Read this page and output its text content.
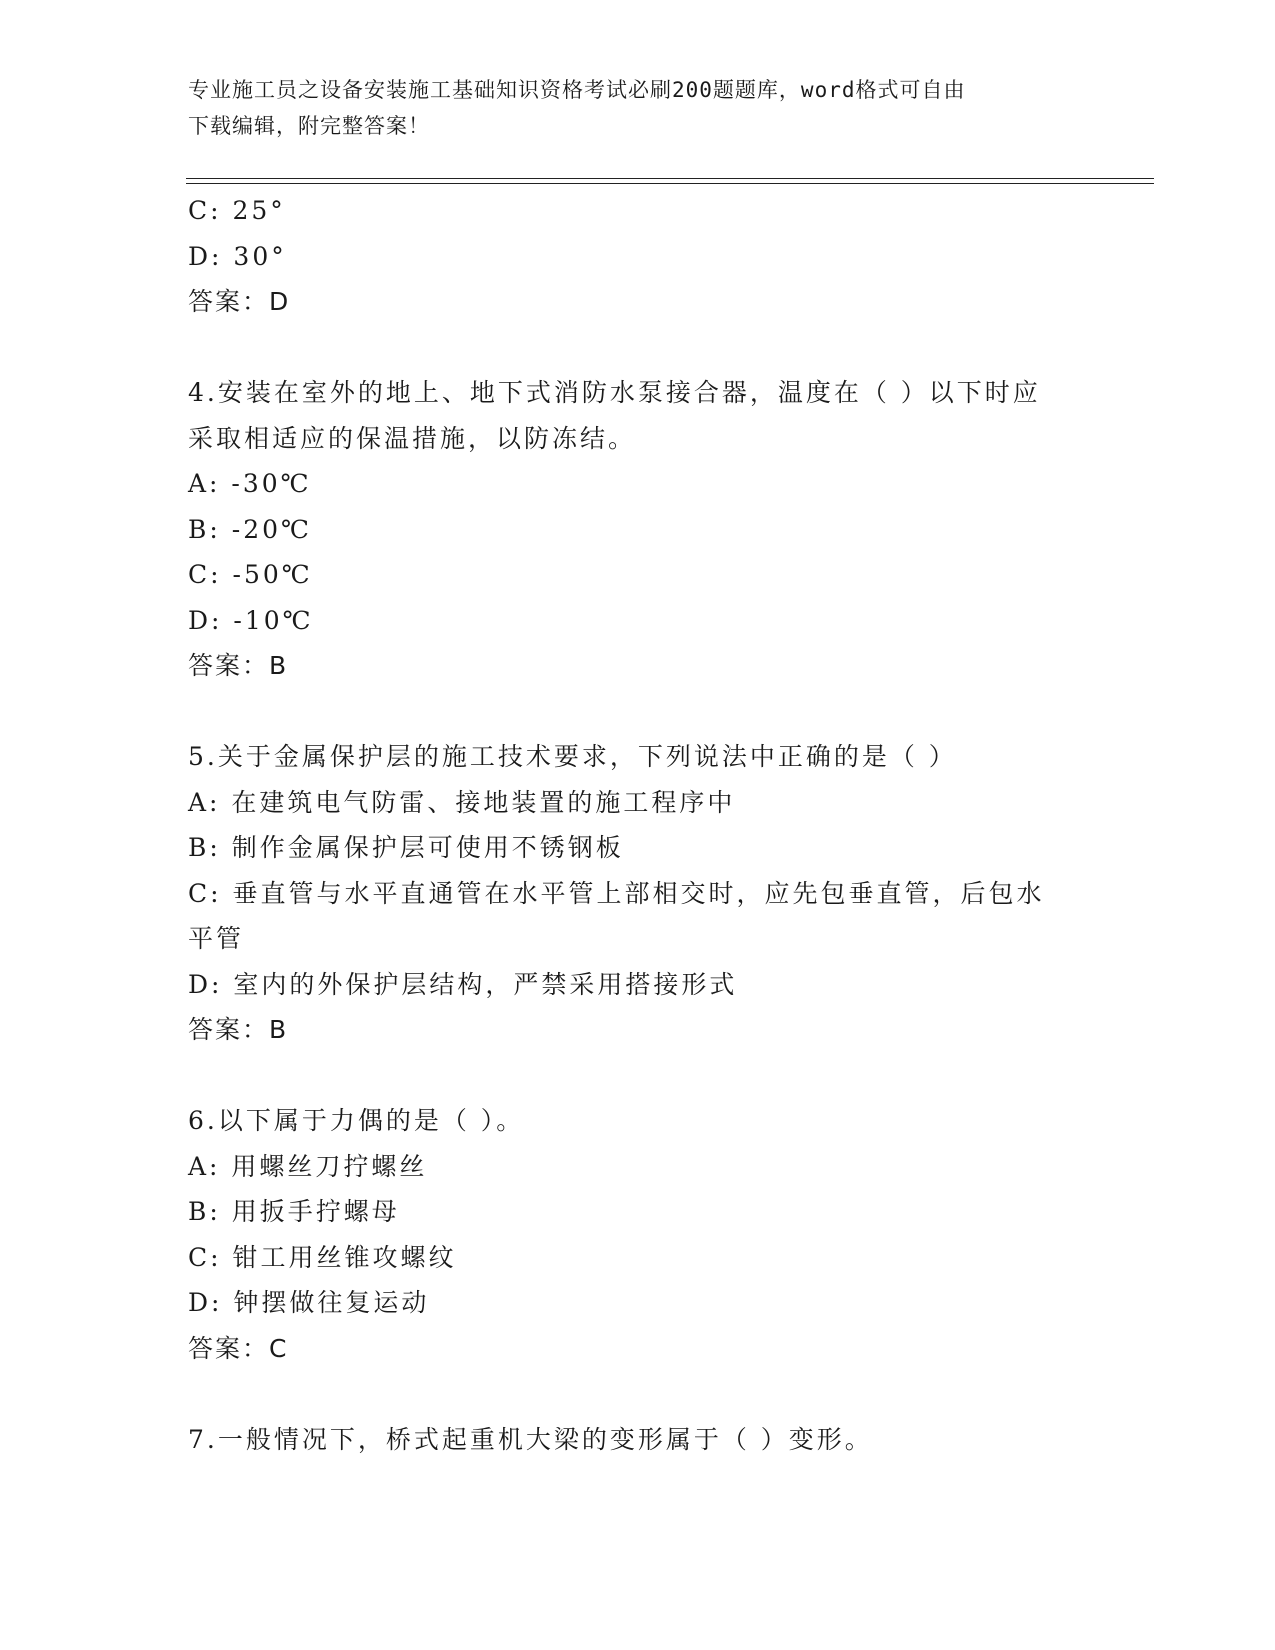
专业施工员之设备安装施工基础知识资格考试必刷200题题库，word格式可自由
下载编辑，附完整答案！
C: 25°
D: 30°
答案：D
4.安装在室外的地上、地下式消防水泵接合器，温度在（ ）以下时应
采取相适应的保温措施，以防冻结。
A: -30℃
B: -20℃
C: -50℃
D: -10℃
答案：B
5.关于金属保护层的施工技术要求，下列说法中正确的是（ ）
A: 在建筑电气防雷、接地装置的施工程序中
B: 制作金属保护层可使用不锈钢板
C: 垂直管与水平直通管在水平管上部相交时，应先包垂直管，后包水
平管
D: 室内的外保护层结构，严禁采用搭接形式
答案：B
6.以下属于力偶的是（ ）。
A: 用螺丝刀拧螺丝
B: 用扳手拧螺母
C: 钳工用丝锥攻螺纹
D: 钟摆做往复运动
答案：C
7.一般情况下，桥式起重机大梁的变形属于（ ）变形。
